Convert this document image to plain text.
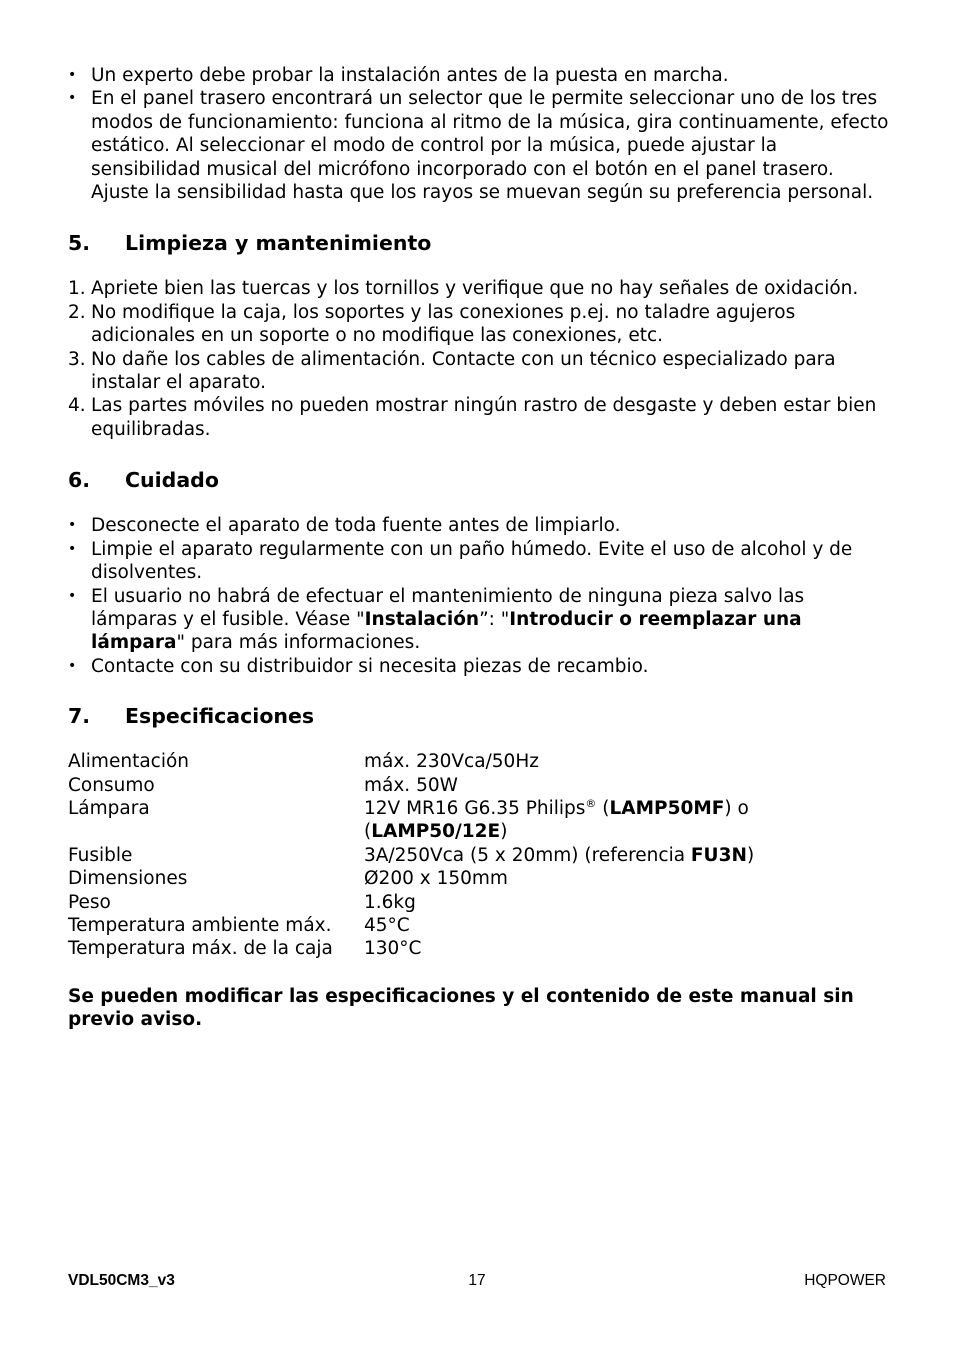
• Un experto debe probar la instalación antes de la puesta en marcha.
• En el panel trasero encontrará un selector que le permite seleccionar uno de los tres modos de funcionamiento: funciona al ritmo de la música, gira continuamente, efecto estático. Al seleccionar el modo de control por la música, puede ajustar la sensibilidad musical del micrófono incorporado con el botón en el panel trasero. Ajuste la sensibilidad hasta que los rayos se muevan según su preferencia personal.
5. Limpieza y mantenimiento
1. Apriete bien las tuercas y los tornillos y verifique que no hay señales de oxidación.
2. No modifique la caja, los soportes y las conexiones p.ej. no taladre agujeros adicionales en un soporte o no modifique las conexiones, etc.
3. No dañe los cables de alimentación. Contacte con un técnico especializado para instalar el aparato.
4. Las partes móviles no pueden mostrar ningún rastro de desgaste y deben estar bien equilibradas.
6. Cuidado
• Desconecte el aparato de toda fuente antes de limpiarlo.
• Limpie el aparato regularmente con un paño húmedo. Evite el uso de alcohol y de disolventes.
• El usuario no habrá de efectuar el mantenimiento de ninguna pieza salvo las lámparas y el fusible. Véase "Instalación”: "Introducir o reemplazar una lámpara" para más informaciones.
• Contacte con su distribuidor si necesita piezas de recambio.
7. Especificaciones
Alimentación	máx. 230Vca/50Hz
Consumo	máx. 50W
Lámpara	12V MR16 G6.35 Philips® (LAMP50MF) o (LAMP50/12E)
Fusible	3A/250Vca (5 x 20mm) (referencia FU3N)
Dimensiones	Ø200 x 150mm
Peso	1.6kg
Temperatura ambiente máx.	45°C
Temperatura máx. de la caja	130°C
Se pueden modificar las especificaciones y el contenido de este manual sin previo aviso.
VDL50CM3_v3	17	HQPOWER
